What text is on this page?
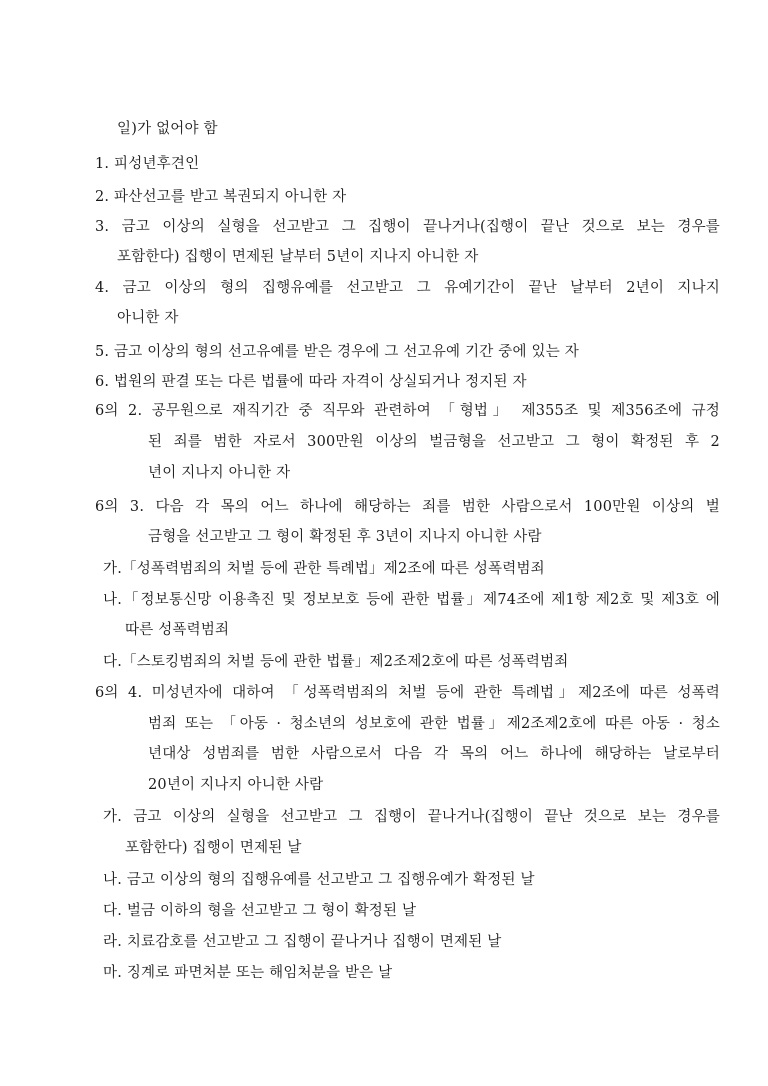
일)가 없어야 함
1. 피성년후견인
2. 파산선고를 받고 복권되지 아니한 자
3. 금고 이상의 실형을 선고받고 그 집행이 끝나거나(집행이 끝난 것으로 보는 경우를
포함한다) 집행이 면제된 날부터 5년이 지나지 아니한 자
4. 금고 이상의 형의 집행유예를 선고받고 그 유예기간이 끝난 날부터 2년이 지나지
아니한 자
5. 금고 이상의 형의 선고유예를 받은 경우에 그 선고유예 기간 중에 있는 자
6. 법원의 판결 또는 다른 법률에 따라 자격이 상실되거나 정지된 자
6의 2. 공무원으로 재직기간 중 직무와 관련하여 「형법」 제355조 및 제356조에 규정
된 죄를 범한 자로서 300만원 이상의 벌금형을 선고받고 그 형이 확정된 후 2
년이 지나지 아니한 자
6의 3. 다음 각 목의 어느 하나에 해당하는 죄를 범한 사람으로서 100만원 이상의 벌
금형을 선고받고 그 형이 확정된 후 3년이 지나지 아니한 사람
가.「성폭력범죄의 처벌 등에 관한 특례법」제2조에 따른 성폭력범죄
나.「정보통신망 이용촉진 및 정보보호 등에 관한 법률」제74조에 제1항 제2호 및 제3호 에
따른 성폭력범죄
다.「스토킹범죄의 처벌 등에 관한 법률」제2조제2호에 따른 성폭력범죄
6의 4. 미성년자에 대하여 「성폭력범죄의 처벌 등에 관한 특례법」제2조에 따른 성폭력
범죄 또는 「아동 · 청소년의 성보호에 관한 법률」제2조제2호에 따른 아동 · 청소
년대상 성범죄를 범한 사람으로서 다음 각 목의 어느 하나에 해당하는 날로부터
20년이 지나지 아니한 사람
가. 금고 이상의 실형을 선고받고 그 집행이 끝나거나(집행이 끝난 것으로 보는 경우를
포함한다) 집행이 면제된 날
나. 금고 이상의 형의 집행유예를 선고받고 그 집행유예가 확정된 날
다. 벌금 이하의 형을 선고받고 그 형이 확정된 날
라. 치료감호를 선고받고 그 집행이 끝나거나 집행이 면제된 날
마. 징계로 파면처분 또는 해임처분을 받은 날
